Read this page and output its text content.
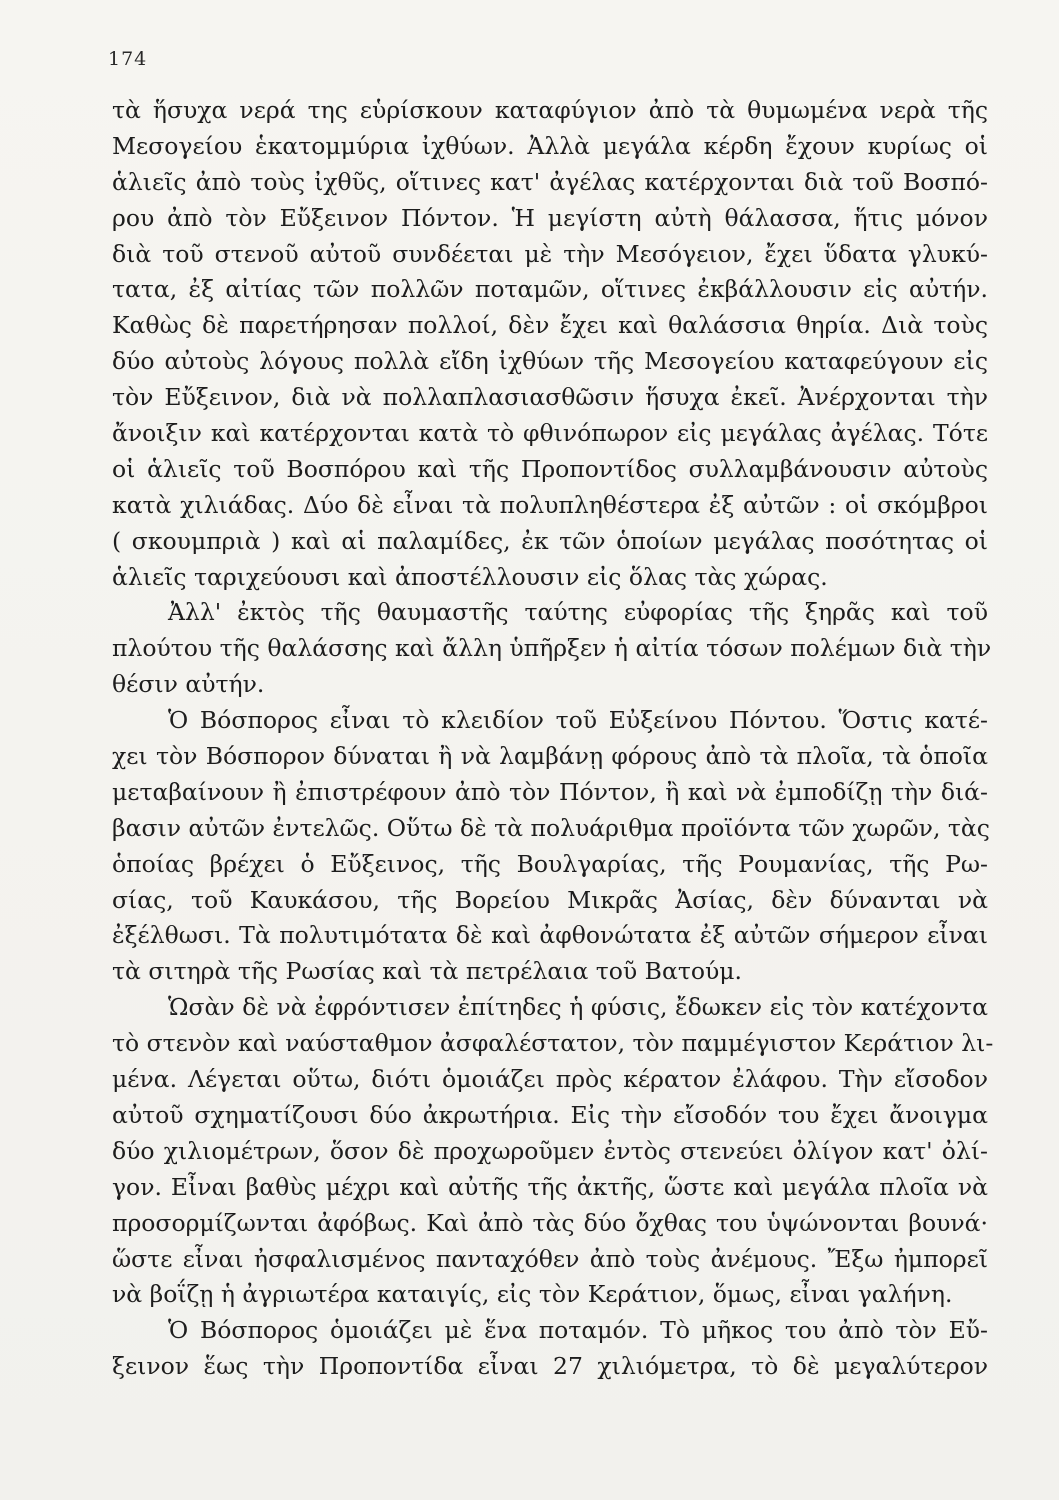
174
τὰ ἥσυχα νερά της εὑρίσκουν καταφύγιον ἀπὸ τὰ θυμωμένα νερὰ τῆς
Μεσογείου ἑκατομμύρια ἰχθύων. Ἀλλὰ μεγάλα κέρδη ἔχουν κυρίως οἱ
ἁλιεῖς ἀπὸ τοὺς ἰχθῦς, οἵτινες κατ' ἀγέλας κατέρχονται διὰ τοῦ Βοσπό-
ρου ἀπὸ τὸν Εὔξεινον Πόντον. Ἡ μεγίστη αὐτὴ θάλασσα, ἥτις μόνον
διὰ τοῦ στενοῦ αὐτοῦ συνδέεται μὲ τὴν Μεσόγειον, ἔχει ὕδατα γλυκύ-
τατα, ἐξ αἰτίας τῶν πολλῶν ποταμῶν, οἵτινες ἐκβάλλουσιν εἰς αὐτήν.
Καθὼς δὲ παρετήρησαν πολλοί, δὲν ἔχει καὶ θαλάσσια θηρία. Διὰ τοὺς
δύο αὐτοὺς λόγους πολλὰ εἴδη ἰχθύων τῆς Μεσογείου καταφεύγουν εἰς
τὸν Εὔξεινον, διὰ νὰ πολλαπλασιασθῶσιν ἥσυχα ἐκεῖ. Ἀνέρχονται τὴν
ἄνοιξιν καὶ κατέρχονται κατὰ τὸ φθινόπωρον εἰς μεγάλας ἀγέλας. Τότε
οἱ ἁλιεῖς τοῦ Βοσπόρου καὶ τῆς Προποντίδος συλλαμβάνουσιν αὐτοὺς
κατὰ χιλιάδας. Δύο δὲ εἶναι τὰ πολυπληθέστερα ἐξ αὐτῶν : οἱ σκόμβροι
( σκουμπριὰ ) καὶ αἱ παλαμίδες, ἐκ τῶν ὁποίων μεγάλας ποσότητας οἱ
ἁλιεῖς ταριχεύουσι καὶ ἀποστέλλουσιν εἰς ὅλας τὰς χώρας.
Ἀλλ' ἐκτὸς τῆς θαυμαστῆς ταύτης εὐφορίας τῆς ξηρᾶς καὶ τοῦ
πλούτου τῆς θαλάσσης καὶ ἄλλη ὑπῆρξεν ἡ αἰτία τόσων πολέμων διὰ τὴν
θέσιν αὐτήν.
Ὁ Βόσπορος εἶναι τὸ κλειδίον τοῦ Εὐξείνου Πόντου. Ὅστις κατέ-
χει τὸν Βόσπορον δύναται ἢ νὰ λαμβάνῃ φόρους ἀπὸ τὰ πλοῖα, τὰ ὁποῖα
μεταβαίνουν ἢ ἐπιστρέφουν ἀπὸ τὸν Πόντον, ἢ καὶ νὰ ἐμποδίζῃ τὴν διά-
βασιν αὐτῶν ἐντελῶς. Οὕτω δὲ τὰ πολυάριθμα προϊόντα τῶν χωρῶν, τὰς
ὁποίας βρέχει ὁ Εὔξεινος, τῆς Βουλγαρίας, τῆς Ρουμανίας, τῆς Ρω-
σίας, τοῦ Καυκάσου, τῆς Βορείου Μικρᾶς Ἀσίας, δὲν δύνανται νὰ
ἐξέλθωσι. Τὰ πολυτιμότατα δὲ καὶ ἀφθονώτατα ἐξ αὐτῶν σήμερον εἶναι
τὰ σιτηρὰ τῆς Ρωσίας καὶ τὰ πετρέλαια τοῦ Βατούμ.
Ὡσὰν δὲ νὰ ἐφρόντισεν ἐπίτηδες ἡ φύσις, ἔδωκεν εἰς τὸν κατέχοντα
τὸ στενὸν καὶ ναύσταθμον ἀσφαλέστατον, τὸν παμμέγιστον Κεράτιον λι-
μένα. Λέγεται οὕτω, διότι ὁμοιάζει πρὸς κέρατον ἐλάφου. Τὴν εἴσοδον
αὐτοῦ σχηματίζουσι δύο ἀκρωτήρια. Εἰς τὴν εἴσοδόν του ἔχει ἄνοιγμα
δύο χιλιομέτρων, ὅσον δὲ προχωροῦμεν ἐντὸς στενεύει ὀλίγον κατ' ὀλί-
γον. Εἶναι βαθὺς μέχρι καὶ αὐτῆς τῆς ἀκτῆς, ὥστε καὶ μεγάλα πλοῖα νὰ
προσορμίζωνται ἀφόβως. Καὶ ἀπὸ τὰς δύο ὄχθας του ὑψώνονται βουνά·
ὥστε εἶναι ἠσφαλισμένος πανταχόθεν ἀπὸ τοὺς ἀνέμους. Ἔξω ἠμπορεῖ
νὰ βοΐζῃ ἡ ἀγριωτέρα καταιγίς, εἰς τὸν Κεράτιον, ὅμως, εἶναι γαλήνη.
Ὁ Βόσπορος ὁμοιάζει μὲ ἕνα ποταμόν. Τὸ μῆκος του ἀπὸ τὸν Εὔ-
ξεινον ἕως τὴν Προποντίδα εἶναι 27 χιλιόμετρα, τὸ δὲ μεγαλύτερον
